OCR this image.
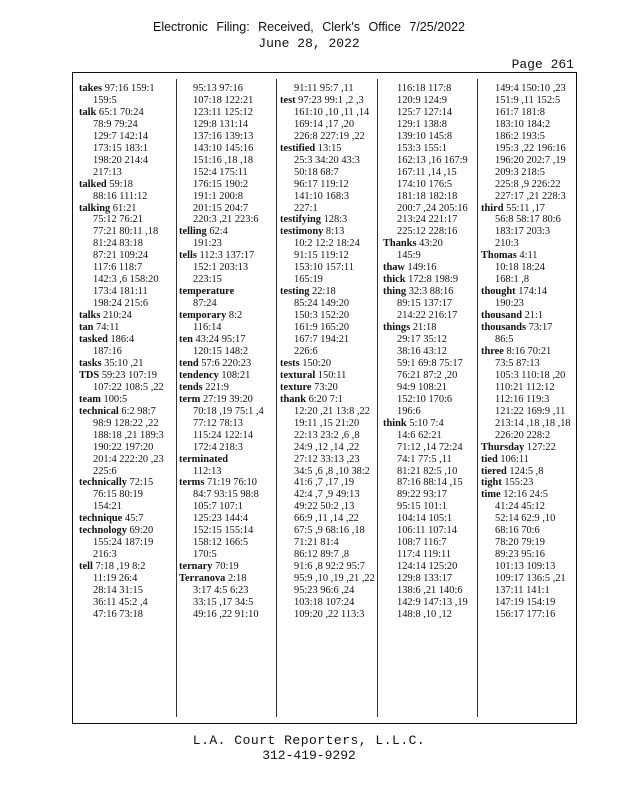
Electronic Filing: Received, Clerk's Office 7/25/2022
June 28, 2022
Page 261
takes 97:16 159:1
159:5
talk 65:1 70:24
78:9 79:24
129:7 142:14
173:15 183:1
198:20 214:4
217:13
talked 59:18
88:16 111:12
talking 61:21
75:12 76:21
77:21 80:11 ,18
81:24 83:18
87:21 109:24
117:6 118:7
142:3 ,6 158:20
173:4 181:11
198:24 215:6
talks 210:24
tan 74:11
tasked 186:4
187:16
tasks 35:10 ,21
TDS 59:23 107:19
107:22 108:5 ,22
team 100:5
technical 6:2 98:7
98:9 128:22 ,22
188:18 ,21 189:3
190:22 197:20
201:4 222:20 ,23
225:6
technically 72:15
76:15 80:19
154:21
technique 45:7
technology 69:20
155:24 187:19
216:3
tell 7:18 ,19 8:2
11:19 26:4
28:14 31:15
36:11 45:2 ,4
47:16 73:18
95:13 97:16
107:18 122:21
123:11 125:12
129:8 131:14
137:16 139:13
143:10 145:16
151:16 ,18 ,18
152:4 175:11
176:15 190:2
191:1 200:8
201:15 204:7
220:3 ,21 223:6
telling 62:4
191:23
tells 112:3 137:17
152:1 203:13
223:15
temperature
87:24
temporary 8:2
116:14
ten 43:24 95:17
120:15 148:2
tend 57:6 220:23
tendency 108:21
tends 221:9
term 27:19 39:20
70:18 ,19 75:1 ,4
77:12 78:13
115:24 122:14
172:4 218:3
terminated
112:13
terms 71:19 76:10
84:7 93:15 98:8
105:7 107:1
125:23 144:4
152:15 155:14
158:12 166:5
170:5
ternary 70:19
Terranova 2:18
3:17 4:5 6:23
33:15 ,17 34:5
49:16 ,22 91:10
91:11 95:7 ,11
test 97:23 99:1 ,2 ,3
161:10 ,10 ,11 ,14
169:14 ,17 ,20
226:8 227:19 ,22
testified 13:15
25:3 34:20 43:3
50:18 68:7
96:17 119:12
141:10 168:3
227:1
testifying 128:3
testimony 8:13
10:2 12:2 18:24
91:15 119:12
153:10 157:11
165:19
testing 22:18
85:24 149:20
150:3 152:20
161:9 165:20
167:7 194:21
226:6
tests 150:20
textural 150:11
texture 73:20
thank 6:20 7:1
12:20 ,21 13:8 ,22
19:11 ,15 21:20
22:13 23:2 ,6 ,8
24:9 ,12 ,14 ,22
27:12 33:13 ,23
34:5 ,6 ,8 ,10 38:2
41:6 ,7 ,17 ,19
42:4 ,7 ,9 49:13
49:22 50:2 ,13
66:9 ,11 ,14 ,22
67:5 ,9 68:16 ,18
71:21 81:4
86:12 89:7 ,8
91:6 ,8 92:2 95:7
95:9 ,10 ,19 ,21 ,22
95:23 96:6 ,24
103:18 107:24
109:20 ,22 113:3
116:18 117:8
120:9 124:9
125:7 127:14
129:1 138:8
139:10 145:8
153:3 155:1
162:13 ,16 167:9
167:11 ,14 ,15
174:10 176:5
181:18 182:18
200:7 ,24 205:16
213:24 221:17
225:12 228:16
Thanks 43:20
145:9
thaw 149:16
thick 172:8 198:9
thing 32:3 88:16
89:15 137:17
214:22 216:17
things 21:18
29:17 35:12
38:16 43:12
59:1 69:8 75:17
76:21 87:2 ,20
94:9 108:21
152:10 170:6
196:6
think 5:10 7:4
14:6 62:21
71:12 ,14 72:24
74:1 77:5 ,11
81:21 82:5 ,10
87:16 88:14 ,15
89:22 93:17
95:15 101:1
104:14 105:1
106:11 107:14
108:7 116:7
117:4 119:11
124:14 125:20
129:8 133:17
138:6 ,21 140:6
142:9 147:13 ,19
148:8 ,10 ,12
149:4 150:10 ,23
151:9 ,11 152:5
161:7 181:8
183:10 184:2
186:2 193:5
195:3 ,22 196:16
196:20 202:7 ,19
209:3 218:5
225:8 ,9 226:22
227:17 ,21 228:3
third 55:11 ,17
56:8 58:17 80:6
183:17 203:3
210:3
Thomas 4:11
10:18 18:24
168:1 ,8
thought 174:14
190:23
thousand 21:1
thousands 73:17
86:5
three 8:16 70:21
73:5 87:13
105:3 110:18 ,20
110:21 112:12
112:16 119:3
121:22 169:9 ,11
213:14 ,18 ,18 ,18
226:20 228:2
Thursday 127:22
tied 106:11
tiered 124:5 ,8
tight 155:23
time 12:16 24:5
41:24 45:12
52:14 62:9 ,10
68:16 70:6
78:20 79:19
89:23 95:16
101:13 109:13
109:17 136:5 ,21
137:11 141:1
147:19 154:19
156:17 177:16
L.A. Court Reporters, L.L.C.
312-419-9292
